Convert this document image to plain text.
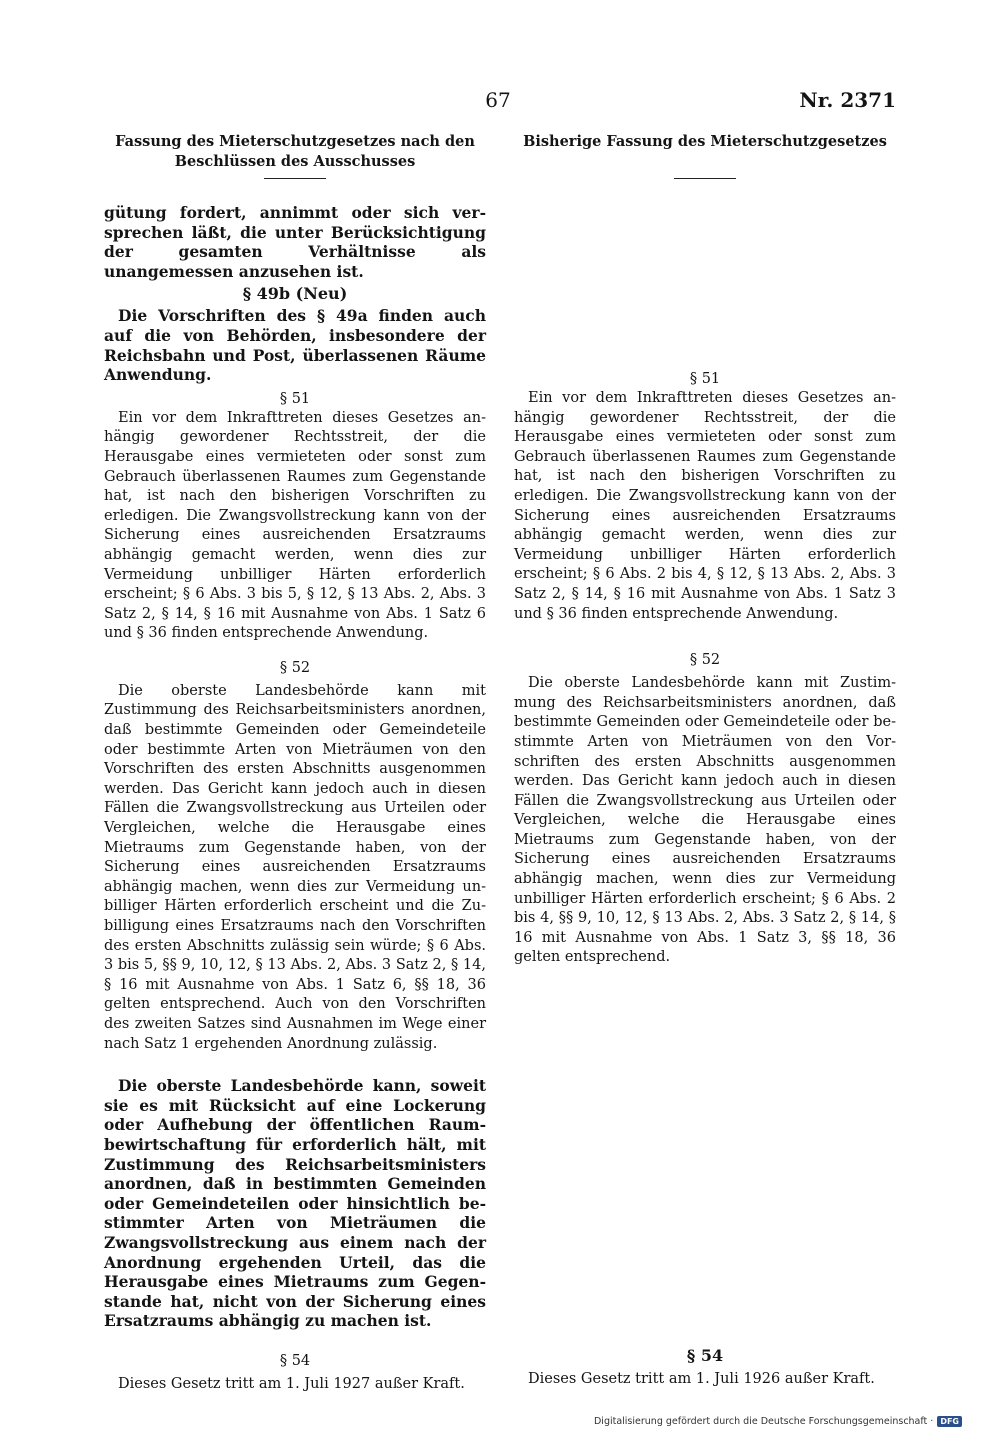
67	Nr. 2371
Fassung des Mieterschutzgesetzes nach den Beschlüssen des Ausschusses

gütung fordert, annimmt oder sich versprechen läßt, die unter Berücksichtigung der gesamten Verhältnisse als unangemessen anzusehen ist.

§ 49b (Neu)

Die Vorschriften des § 49a finden auch auf die von Behörden, insbesondere der Reichsbahn und Post, überlassenen Räume Anwendung.

§ 51

Ein vor dem Inkrafttreten dieses Gesetzes anhängig gewordener Rechtsstreit, der die Herausgabe eines vermieteten oder sonst zum Gebrauch überlassenen Raumes zum Gegenstande hat, ist nach den bisherigen Vorschriften zu erledigen. Die Zwangsvollstreckung kann von der Sicherung eines ausreichenden Ersatzraums abhängig gemacht werden, wenn dies zur Vermeidung unbilliger Härten erforderlich erscheint; § 6 Abs. 3 bis 5, § 12, § 13 Abs. 2, Abs. 3 Satz 2, § 14, § 16 mit Ausnahme von Abs. 1 Satz 6 und § 36 finden entsprechende Anwendung.

§ 52

Die oberste Landesbehörde kann mit Zustimmung des Reichsarbeitsministers anordnen, daß bestimmte Gemeinden oder Gemeindeteile oder bestimmte Arten von Mieträumen von den Vorschriften des ersten Abschnitts ausgenommen werden. Das Gericht kann jedoch auch in diesen Fällen die Zwangsvollstreckung aus Urteilen oder Vergleichen, welche die Herausgabe eines Mietraums zum Gegenstande haben, von der Sicherung eines ausreichenden Ersatzraums abhängig machen, wenn dies zur Vermeidung unbilliger Härten erforderlich erscheint und die Zubilligung eines Ersatzraums nach den Vorschriften des ersten Abschnitts zulässig sein würde; § 6 Abs. 3 bis 5, §§ 9, 10, 12, § 13 Abs. 2, Abs. 3 Satz 2, § 14, § 16 mit Ausnahme von Abs. 1 Satz 6, §§ 18, 36 gelten entsprechend. Auch von den Vorschriften des zweiten Satzes sind Ausnahmen im Wege einer nach Satz 1 ergehenden Anordnung zulässig.

Die oberste Landesbehörde kann, soweit sie es mit Rücksicht auf eine Lockerung oder Aufhebung der öffentlichen Raumbewirtschaftung für erforderlich hält, mit Zustimmung des Reichsarbeitsministers anordnen, daß in bestimmten Gemeinden oder Gemeindeteilen oder hinsichtlich bestimmter Arten von Mieträumen die Zwangsvollstreckung aus einem nach der Anordnung ergehenden Urteil, das die Herausgabe eines Mietraums zum Gegenstande hat, nicht von der Sicherung eines Ersatzraums abhängig zu machen ist.

§ 54

Dieses Gesetz tritt am 1. Juli 1927 außer Kraft.

Bisherige Fassung des Mieterschutzgesetzes

§ 51

Ein vor dem Inkrafttreten dieses Gesetzes anhängig gewordener Rechtsstreit, der die Herausgabe eines vermieteten oder sonst zum Gebrauch überlassenen Raumes zum Gegenstande hat, ist nach den bisherigen Vorschriften zu erledigen. Die Zwangsvollstreckung kann von der Sicherung eines ausreichenden Ersatzraums abhängig gemacht werden, wenn dies zur Vermeidung unbilliger Härten erforderlich erscheint; § 6 Abs. 2 bis 4, § 12, § 13 Abs. 2, Abs. 3 Satz 2, § 14, § 16 mit Ausnahme von Abs. 1 Satz 3 und § 36 finden entsprechende Anwendung.

§ 52

Die oberste Landesbehörde kann mit Zustimmung des Reichsarbeitsministers anordnen, daß bestimmte Gemeinden oder Gemeindeteile oder bestimmte Arten von Mieträumen von den Vorschriften des ersten Abschnitts ausgenommen werden. Das Gericht kann jedoch auch in diesen Fällen die Zwangsvollstreckung aus Urteilen oder Vergleichen, welche die Herausgabe eines Mietraums zum Gegenstande haben, von der Sicherung eines ausreichenden Ersatzraums abhängig machen, wenn dies zur Vermeidung unbilliger Härten erforderlich erscheint; § 6 Abs. 2 bis 4, §§ 9, 10, 12, § 13 Abs. 2, Abs. 3 Satz 2, § 14, § 16 mit Ausnahme von Abs. 1 Satz 3, §§ 18, 36 gelten entsprechend.

§ 54

Dieses Gesetz tritt am 1. Juli 1926 außer Kraft.

Digitalisierung gefördert durch die Deutsche Forschungsgemeinschaft · DFG
